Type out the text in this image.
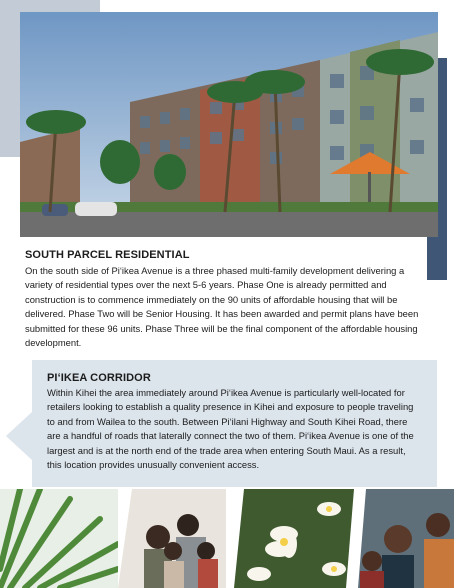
SOUTH PARCEL RESIDENTIAL
On the south side of Piʻikea Avenue is a three phased multi-family development delivering a variety of residential types over the next 5-6 years. Phase One is already permitted and construction is to commence immediately on the 90 units of affordable housing that will be delivered. Phase Two will be Senior Housing. It has been awarded and permit plans have been submitted for these 96 units. Phase Three will be the final component of the affordable housing development.
PIʻIKEA CORRIDOR
Within Kihei the area immediately around Piʻikea Avenue is particularly well-located for retailers looking to establish a quality presence in Kihei and exposure to people traveling to and from Wailea to the south. Between Piʻilani Highway and South Kihei Road, there are a handful of roads that laterally connect the two of them. Piʻikea Avenue is one of the largest and is at the north end of the trade area when entering South Maui. As a result, this location provides unusually convenient access.
